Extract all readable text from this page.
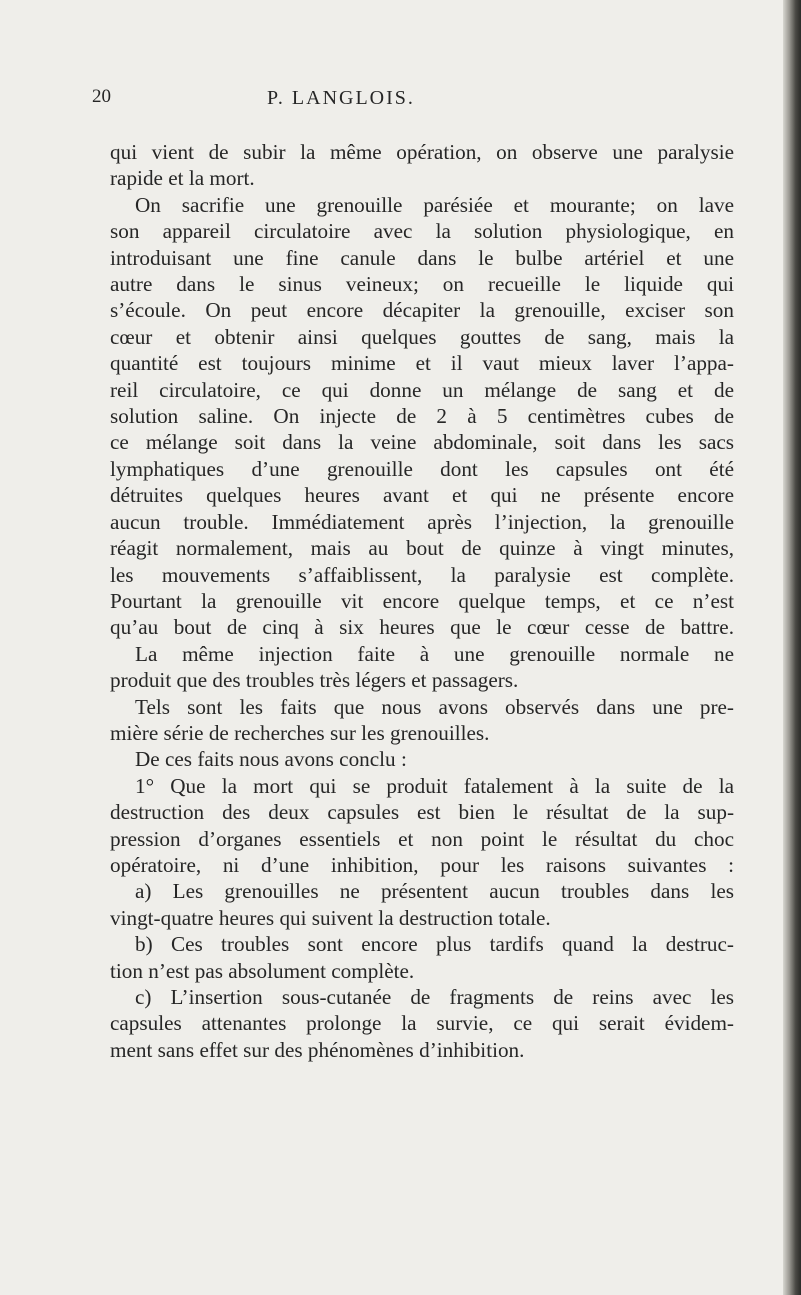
20	P. LANGLOIS.
qui vient de subir la même opération, on observe une paralysie
rapide et la mort.
On sacrifie une grenouille parésiée et mourante; on lave
son appareil circulatoire avec la solution physiologique, en
introduisant une fine canule dans le bulbe artériel et une
autre dans le sinus veineux; on recueille le liquide qui
s’écoule. On peut encore décapiter la grenouille, exciser son
cœur et obtenir ainsi quelques gouttes de sang, mais la
quantité est toujours minime et il vaut mieux laver l’appa-
reil circulatoire, ce qui donne un mélange de sang et de
solution saline. On injecte de 2 à 5 centimètres cubes de
ce mélange soit dans la veine abdominale, soit dans les sacs
lymphatiques d’une grenouille dont les capsules ont été
détruites quelques heures avant et qui ne présente encore
aucun trouble. Immédiatement après l’injection, la grenouille
réagit normalement, mais au bout de quinze à vingt minutes,
les mouvements s’affaiblissent, la paralysie est complète.
Pourtant la grenouille vit encore quelque temps, et ce n’est
qu’au bout de cinq à six heures que le cœur cesse de battre.
La même injection faite à une grenouille normale ne
produit que des troubles très légers et passagers.
Tels sont les faits que nous avons observés dans une pre-
mière série de recherches sur les grenouilles.
De ces faits nous avons conclu :
1° Que la mort qui se produit fatalement à la suite de la
destruction des deux capsules est bien le résultat de la sup-
pression d’organes essentiels et non point le résultat du choc
opératoire, ni d’une inhibition, pour les raisons suivantes :
a) Les grenouilles ne présentent aucun troubles dans les
vingt-quatre heures qui suivent la destruction totale.
b) Ces troubles sont encore plus tardifs quand la destruc-
tion n’est pas absolument complète.
c) L’insertion sous-cutanée de fragments de reins avec les
capsules attenantes prolonge la survie, ce qui serait évidem-
ment sans effet sur des phénomènes d’inhibition.
